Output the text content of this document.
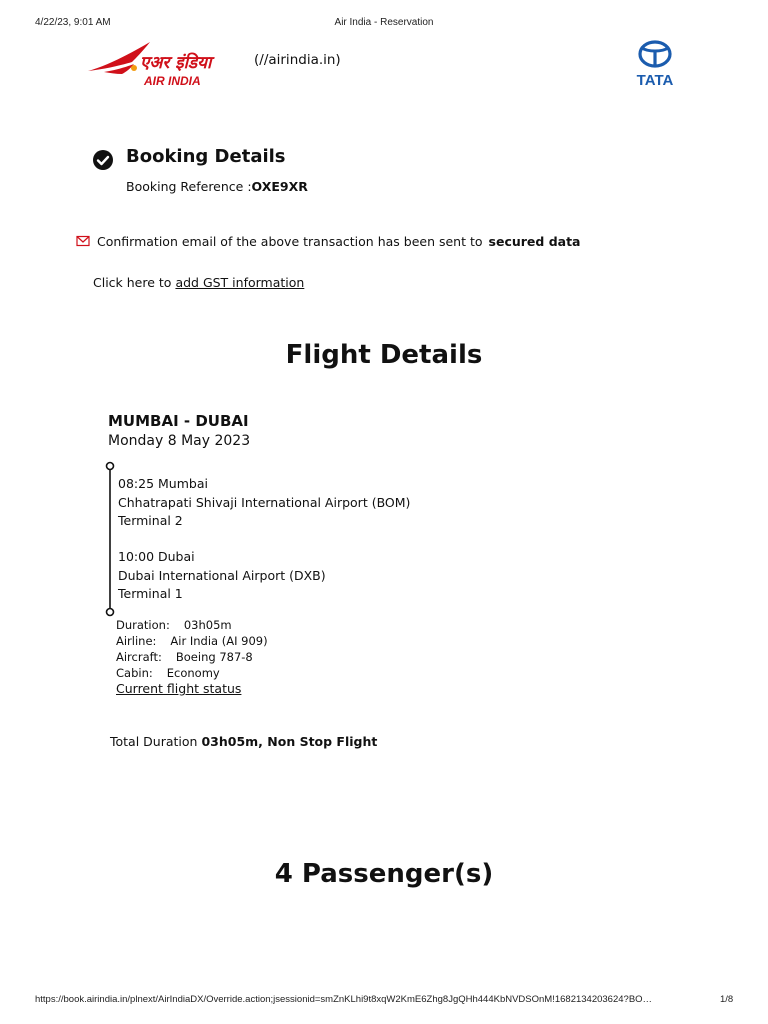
4/22/23, 9:01 AM	Air India - Reservation
एअर इंडिया
AIR INDIA
(//airindia.in)
TATA
Booking Details
Booking Reference :OXE9XR
Confirmation email of the above transaction has been sent to secured data
Click here to add GST information
Flight Details
MUMBAI - DUBAI
Monday 8 May 2023
08:25 Mumbai
Chhatrapati Shivaji International Airport (BOM)
Terminal 2
10:00 Dubai
Dubai International Airport (DXB)
Terminal 1
Duration: 03h05m
Airline: Air India (AI 909)
Aircraft: Boeing 787-8
Cabin: Economy
Current flight status
Total Duration 03h05m, Non Stop Flight
4 Passenger(s)
https://book.airindia.in/plnext/AirIndiaDX/Override.action;jsessionid=smZnKLhi9t8xqW2KmE6Zhg8JgQHh444KbNVDSOnM!1682134203624?BO…	1/8
